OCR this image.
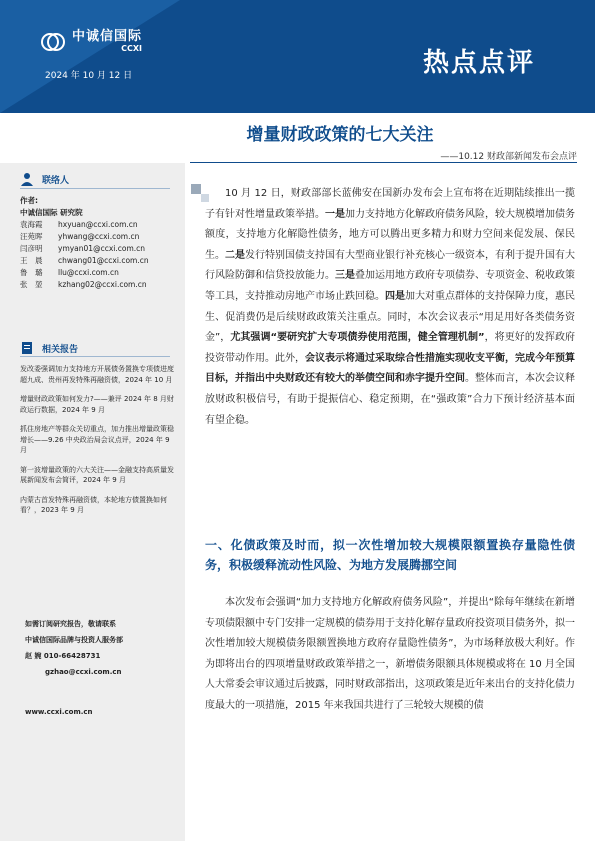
中诚信国际
CCXI
2024 年 10 月 12 日	热点点评
增量财政政策的七大关注
——10.12 财政部新闻发布会点评
联络人
作者:
中诚信国际 研究院
袁海霞 hxyuan@ccxi.com.cn
汪苑晖 yhwang@ccxi.com.cn
闫彦明 ymyan01@ccxi.com.cn
王　晨 chwang01@ccxi.com.cn
鲁　璐 llu@ccxi.com.cn
张　堃 kzhang02@ccxi.com.cn
相关报告
发改委强调加力支持地方开展债务置换专项债进度超九成、贵州再发特殊再融资债，2024 年 10 月
增量财政政策如何发力?——兼评 2024 年 8 月财政运行数据，2024 年 9 月
抓住房地产等群众关切重点，加力推出增量政策稳增长——9.26 中央政治局会议点评，2024 年 9 月
第一波增量政策的六大关注——金融支持高质量发展新闻发布会简评，2024 年 9 月
内蒙古首发特殊再融资债，本轮地方债置换如何看？，2023 年 9 月
如需订阅研究报告，敬请联系
中诚信国际品牌与投资人服务部
赵 婉 010-66428731
gzhao@ccxi.com.cn
www.ccxi.com.cn

10 月 12 日，财政部部长蓝佛安在国新办发布会上宣布将在近期陆续推出一揽子有针对性增量政策举措。一是加力支持地方化解政府债务风险，较大规模增加债务额度，支持地方化解隐性债务，地方可以腾出更多精力和财力空间来促发展、保民生。二是发行特别国债支持国有大型商业银行补充核心一级资本，有利于提升国有大行风险防御和信贷投放能力。三是叠加运用地方政府专项债券、专项资金、税收政策等工具，支持推动房地产市场止跌回稳。四是加大对重点群体的支持保障力度，惠民生、促消费仍是后续财政政策关注重点。同时，本次会议表示“用足用好各类债务资金”，尤其强调“要研究扩大专项债券使用范围，健全管理机制”，将更好的发挥政府投资带动作用。此外，会议表示将通过采取综合性措施实现收支平衡，完成今年预算目标，并指出中央财政还有较大的举债空间和赤字提升空间。整体而言，本次会议释放财政积极信号，有助于提振信心、稳定预期，在“强政策”合力下预计经济基本面有望企稳。

一、化债政策及时而，拟一次性增加较大规模限额置换存量隐性债务，积极缓释流动性风险、为地方发展腾挪空间

本次发布会强调“加力支持地方化解政府债务风险”，并提出“除每年继续在新增专项债限额中专门安排一定规模的债券用于支持化解存量政府投资项目债务外，拟一次性增加较大规模债务限额置换地方政府存量隐性债务”，为市场释放极大利好。作为即将出台的四项增量财政政策举措之一，新增债务限额具体规模或将在 10 月全国人大常委会审议通过后披露，同时财政部指出，这项政策是近年来出台的支持化债力度最大的一项措施，2015 年来我国共进行了三轮较大规模的债
